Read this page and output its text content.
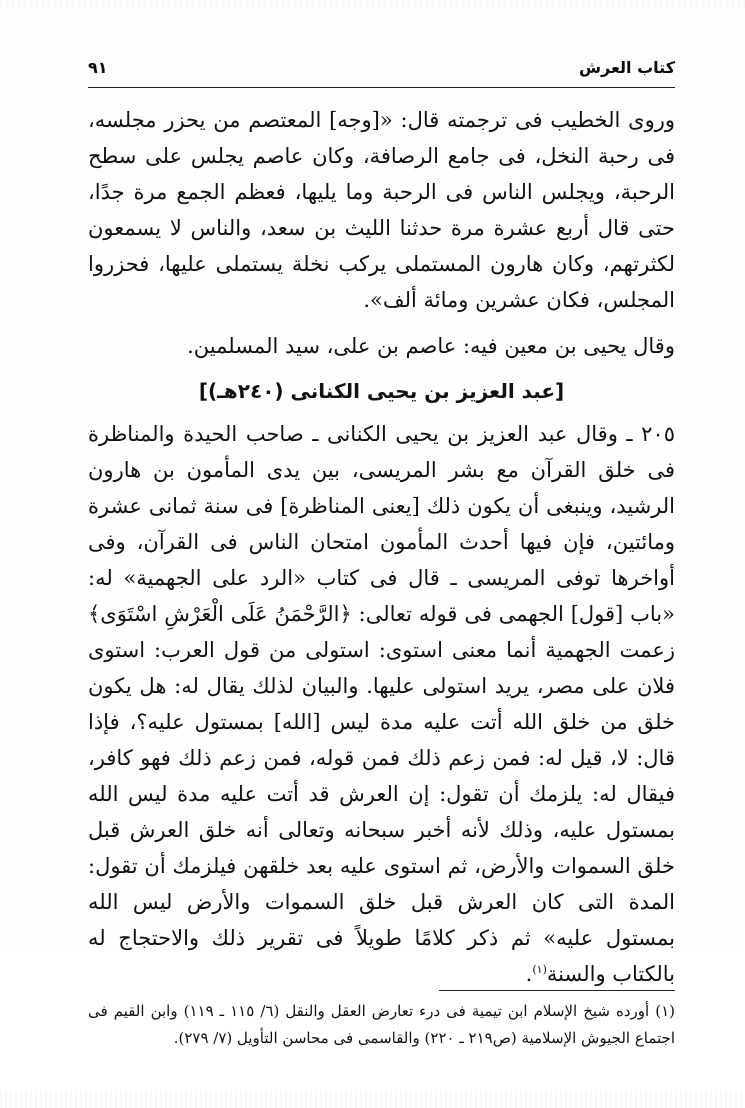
كتاب العرش
٩١

وروى الخطيب فى ترجمته قال: «[وجه] المعتصم من يحزر مجلسه، فى رحبة النخل، فى جامع الرصافة، وكان عاصم يجلس على سطح الرحبة، ويجلس الناس فى الرحبة وما يليها، فعظم الجمع مرة جدًا، حتى قال أربع عشرة مرة حدثنا الليث بن سعد، والناس لا يسمعون لكثرتهم، وكان هارون المستملى يركب نخلة يستملى عليها، فحزروا المجلس، فكان عشرين ومائة ألف».

وقال يحيى بن معين فيه: عاصم بن على، سيد المسلمين.

[عبد العزيز بن يحيى الكنانى (٢٤٠هـ)]

٢٠٥ ـ وقال عبد العزيز بن يحيى الكنانى ـ صاحب الحيدة والمناظرة فى خلق القرآن مع بشر المريسى، بين يدى المأمون بن هارون الرشيد، وينبغى أن يكون ذلك [يعنى المناظرة] فى سنة ثمانى عشرة ومائتين، فإن فيها أحدث المأمون امتحان الناس فى القرآن، وفى أواخرها توفى المريسى ـ قال فى كتاب «الرد على الجهمية» له: «باب [قول] الجهمى فى قوله تعالى: ﴿الرَّحْمَنُ عَلَى الْعَرْشِ اسْتَوَى﴾ زعمت الجهمية أنما معنى استوى: استولى من قول العرب: استوى فلان على مصر، يريد استولى عليها. والبيان لذلك يقال له: هل يكون خلق من خلق الله أتت عليه مدة ليس [الله] بمستول عليه؟، فإذا قال: لا، قيل له: فمن زعم ذلك فمن قوله، فمن زعم ذلك فهو كافر، فيقال له: يلزمك أن تقول: إن العرش قد أتت عليه مدة ليس الله بمستول عليه، وذلك لأنه أخبر سبحانه وتعالى أنه خلق العرش قبل خلق السموات والأرض، ثم استوى عليه بعد خلقهن فيلزمك أن تقول: المدة التى كان العرش قبل خلق السموات والأرض ليس الله بمستول عليه» ثم ذكر كلامًا طويلاً فى تقرير ذلك والاحتجاج له بالكتاب والسنة$^{(١)}$.

(١) أورده شيخ الإسلام ابن تيمية فى درء تعارض العقل والنقل (٦/ ١١٥ ـ ١١٩) وابن القيم فى اجتماع الجيوش الإسلامية (ص٢١٩ ـ ٢٢٠) والقاسمى فى محاسن التأويل (٧/ ٢٧٩).
